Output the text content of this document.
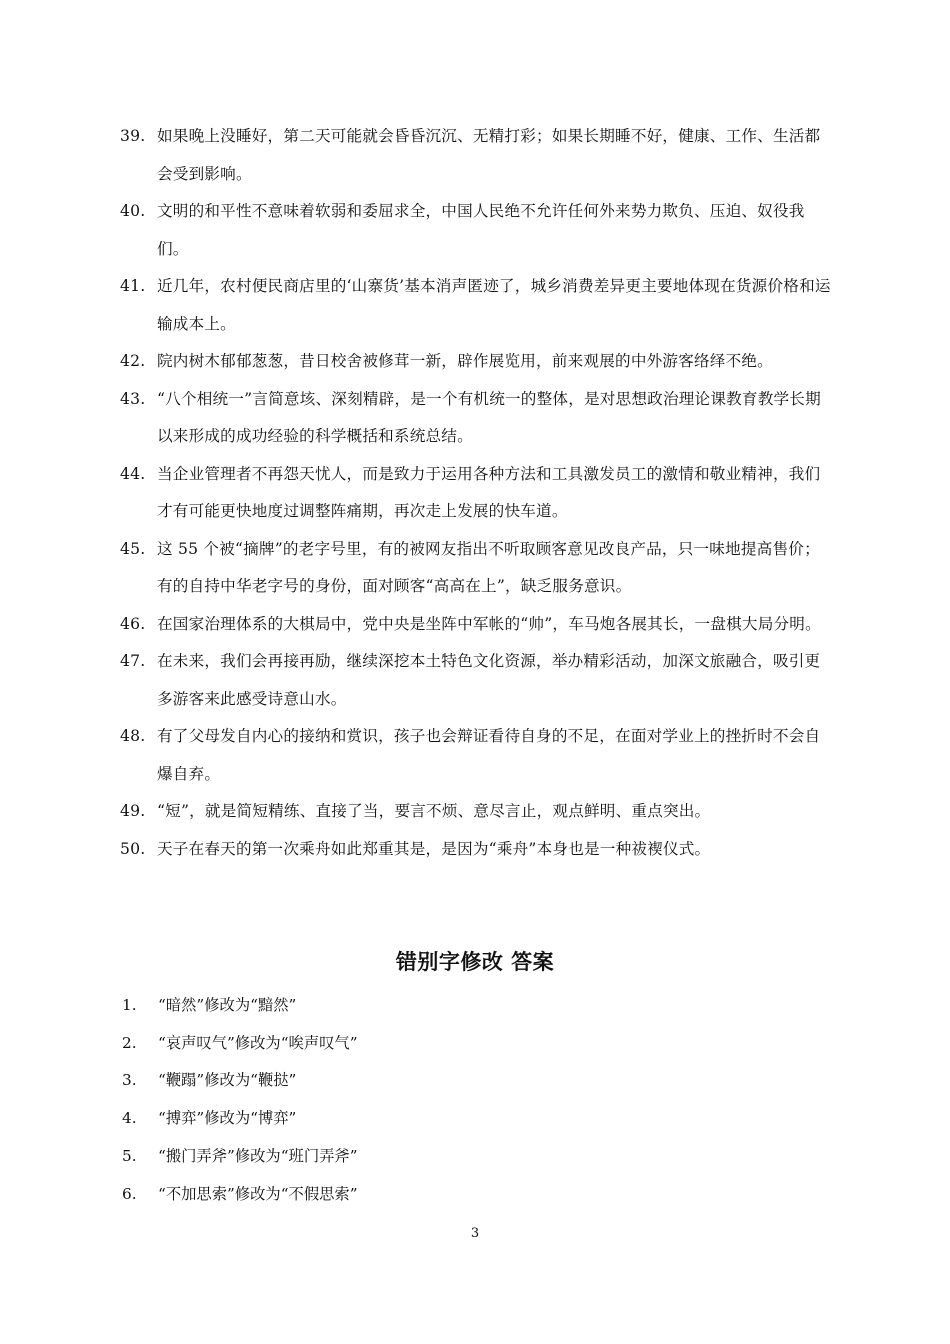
39. 如果晚上没睡好，第二天可能就会昏昏沉沉、无精打彩；如果长期睡不好，健康、工作、生活都会受到影响。
40. 文明的和平性不意味着软弱和委屈求全，中国人民绝不允许任何外来势力欺负、压迫、奴役我们。
41. 近几年，农村便民商店里的‘山寨货’基本消声匿迹了，城乡消费差异更主要地体现在货源价格和运输成本上。
42. 院内树木郁郁葱葱，昔日校舍被修茸一新，辟作展览用，前来观展的中外游客络绎不绝。
43. “八个相统一”言简意垓、深刻精辟，是一个有机统一的整体，是对思想政治理论课教育教学长期以来形成的成功经验的科学概括和系统总结。
44. 当企业管理者不再怨天忧人，而是致力于运用各种方法和工具激发员工的激情和敬业精神，我们才有可能更快地度过调整阵痛期，再次走上发展的快车道。
45. 这 55 个被“摘牌”的老字号里，有的被网友指出不听取顾客意见改良产品，只一味地提高售价；有的自持中华老字号的身份，面对顾客“高高在上”，缺乏服务意识。
46. 在国家治理体系的大棋局中，党中央是坐阵中军帐的“帅”，车马炮各展其长，一盘棋大局分明。
47. 在未来，我们会再接再励，继续深挖本土特色文化资源，举办精彩活动，加深文旅融合，吸引更多游客来此感受诗意山水。
48. 有了父母发自内心的接纳和赏识，孩子也会辩证看待自身的不足，在面对学业上的挫折时不会自爆自弃。
49. “短”，就是简短精练、直接了当，要言不烦、意尽言止，观点鲜明、重点突出。
50. 天子在春天的第一次乘舟如此郑重其是，是因为“乘舟”本身也是一种祓褉仪式。
错别字修改 答案
1.	“暗然”修改为“黯然”
2.	“哀声叹气”修改为“唉声叹气”
3.	“鞭蹋”修改为“鞭挞”
4.	“搏弈”修改为“博弈”
5.	“搬门弄斧”修改为“班门弄斧”
6.	“不加思索”修改为“不假思索”
3
